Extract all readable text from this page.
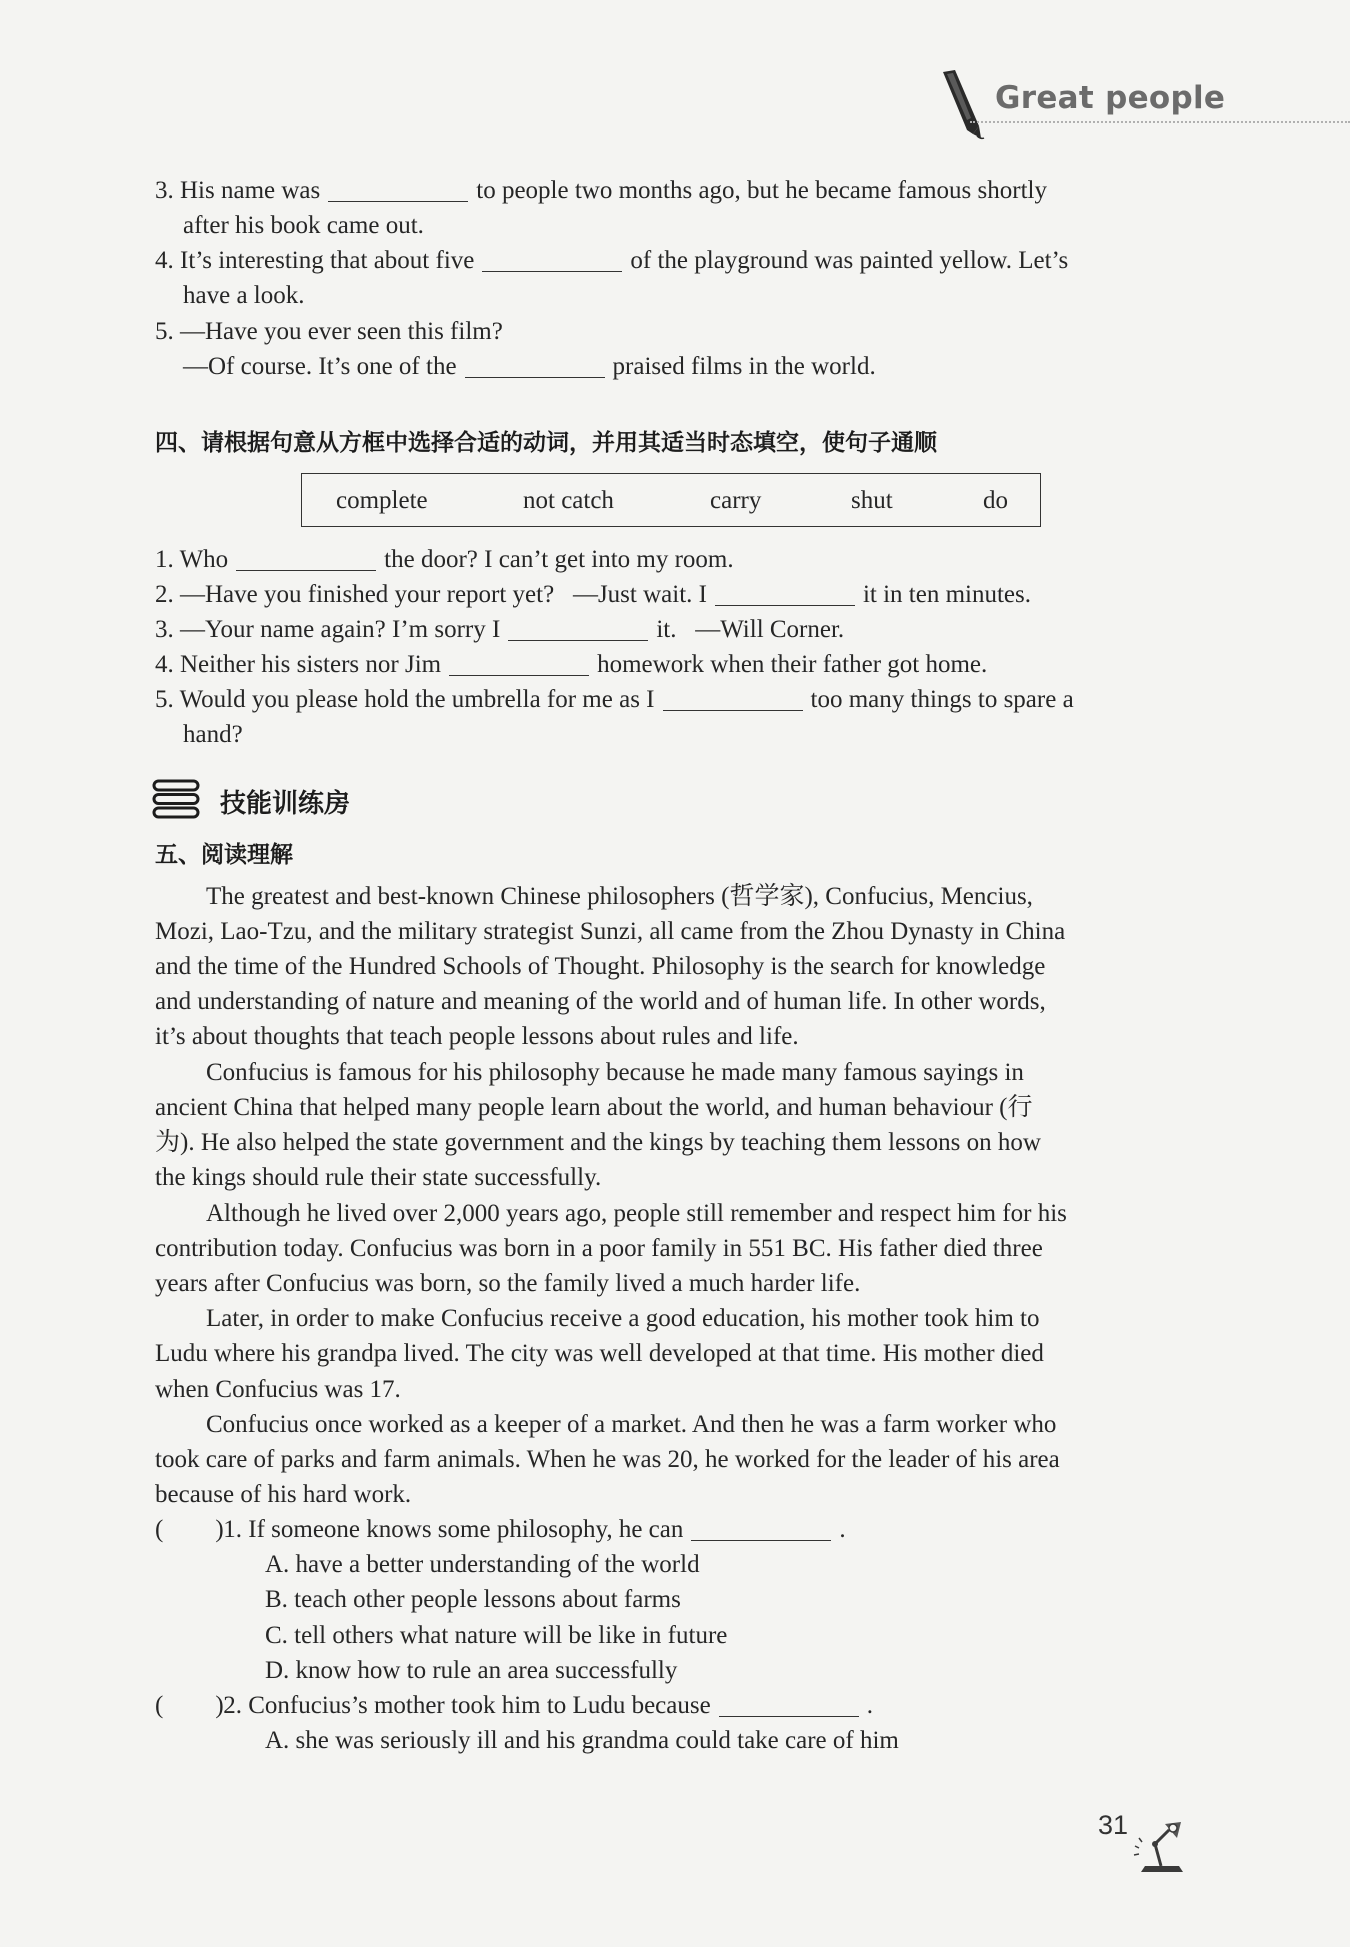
Great people
3. His name was	to people two months ago, but he became famous shortly
after his book came out.
4. It’s interesting that about five	of the playground was painted yellow. Let’s
have a look.
5. —Have you ever seen this film?
—Of course. It’s one of the	praised films in the world.
四、请根据句意从方框中选择合适的动词，并用其适当时态填空，使句子通顺
complete	not catch	carry	shut	do
1. Who	the door? I can’t get into my room.
2. —Have you finished your report yet?   —Just wait. I	it in ten minutes.
3. —Your name again? I’m sorry I	it.   —Will Corner.
4. Neither his sisters nor Jim	homework when their father got home.
5. Would you please hold the umbrella for me as I	too many things to spare a
hand?
技能训练房
五、阅读理解
The greatest and best-known Chinese philosophers (哲学家), Confucius, Mencius,
Mozi, Lao-Tzu, and the military strategist Sunzi, all came from the Zhou Dynasty in China
and the time of the Hundred Schools of Thought. Philosophy is the search for knowledge
and understanding of nature and meaning of the world and of human life. In other words,
it’s about thoughts that teach people lessons about rules and life.
Confucius is famous for his philosophy because he made many famous sayings in
ancient China that helped many people learn about the world, and human behaviour (行
为). He also helped the state government and the kings by teaching them lessons on how
the kings should rule their state successfully.
Although he lived over 2,000 years ago, people still remember and respect him for his
contribution today. Confucius was born in a poor family in 551 BC. His father died three
years after Confucius was born, so the family lived a much harder life.
Later, in order to make Confucius receive a good education, his mother took him to
Ludu where his grandpa lived. The city was well developed at that time. His mother died
when Confucius was 17.
Confucius once worked as a keeper of a market. And then he was a farm worker who
took care of parks and farm animals. When he was 20, he worked for the leader of his area
because of his hard work.
( ) 1. If someone knows some philosophy, he can	.
A. have a better understanding of the world
B. teach other people lessons about farms
C. tell others what nature will be like in future
D. know how to rule an area successfully
( ) 2. Confucius’s mother took him to Ludu because	.
A. she was seriously ill and his grandma could take care of him
31
